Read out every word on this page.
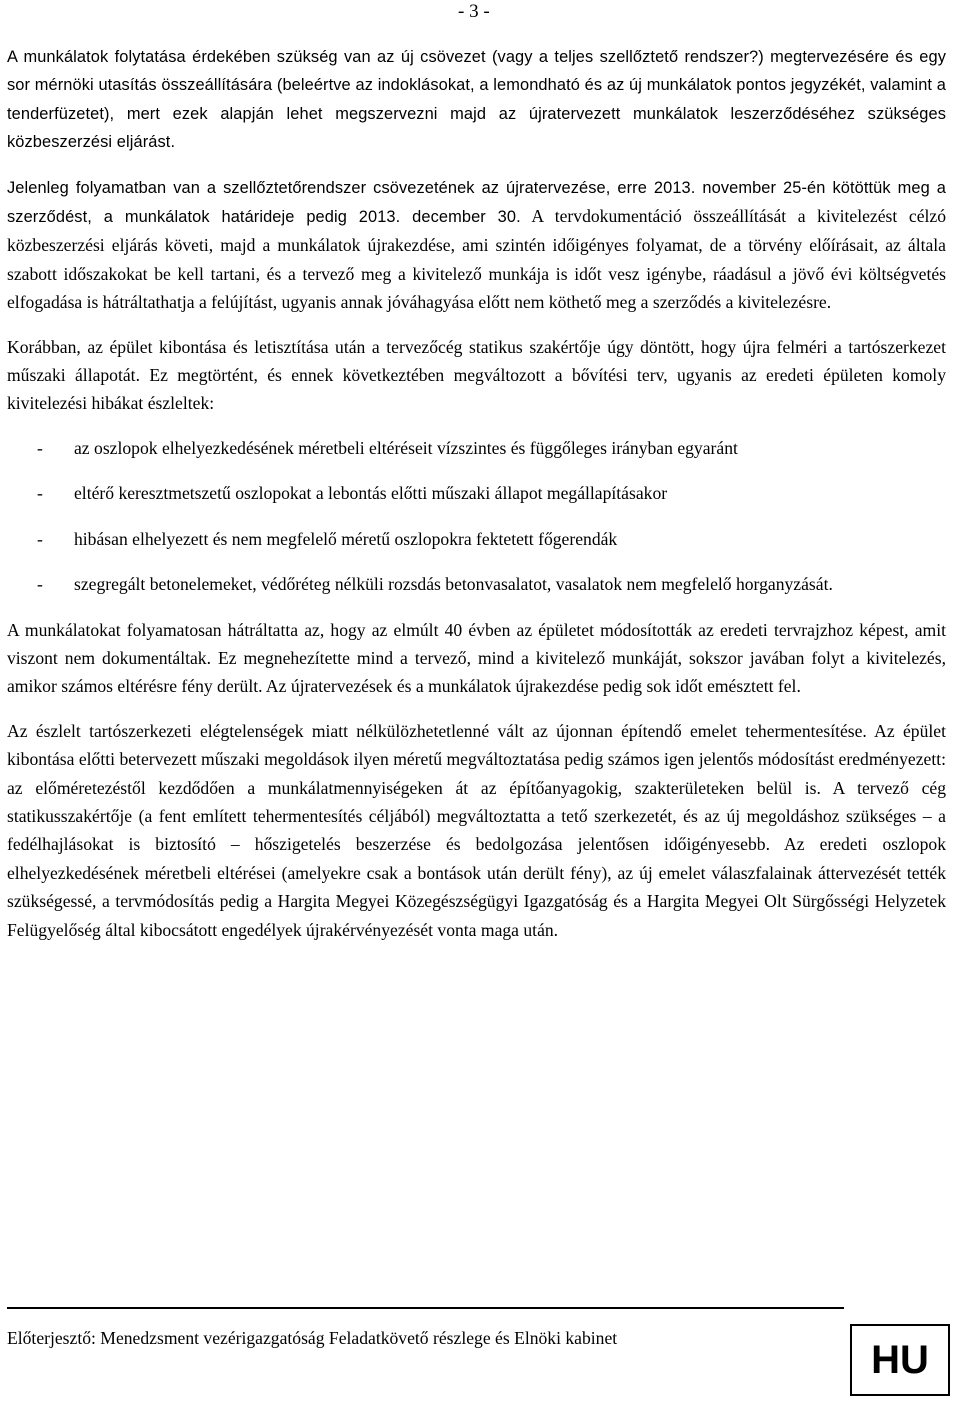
- 3 -

A munkálatok folytatása érdekében szükség van az új csövezet (vagy a teljes szellőztető rendszer?) megtervezésére és egy sor mérnöki utasítás összeállítására (beleértve az indoklásokat, a lemondható és az új munkálatok pontos jegyzékét, valamint a tenderfüzetet), mert ezek alapján lehet megszervezni majd az újratervezett munkálatok leszerződéséhez szükséges közbeszerzési eljárást.

Jelenleg folyamatban van a szellőztetőrendszer csövezetének az újratervezése, erre 2013. november 25-én kötöttük meg a szerződést, a munkálatok határideje pedig 2013. december 30. A tervdokumentáció összeállítását a kivitelezést célzó közbeszerzési eljárás követi, majd a munkálatok újrakezdése, ami szintén időigényes folyamat, de a törvény előírásait, az általa szabott időszakokat be kell tartani, és a tervező meg a kivitelező munkája is időt vesz igénybe, ráadásul a jövő évi költségvetés elfogadása is hátráltathatja a felújítást, ugyanis annak jóváhagyása előtt nem köthető meg a szerződés a kivitelezésre.

Korábban, az épület kibontása és letisztítása után a tervezőcég statikus szakértője úgy döntött, hogy újra felméri a tartószerkezet műszaki állapotát. Ez megtörtént, és ennek következtében megváltozott a bővítési terv, ugyanis az eredeti épületen komoly kivitelezési hibákat észleltek:

- az oszlopok elhelyezkedésének méretbeli eltéréseit vízszintes és függőleges irányban egyaránt
- eltérő keresztmetszetű oszlopokat a lebontás előtti műszaki állapot megállapításakor
- hibásan elhelyezett és nem megfelelő méretű oszlopokra fektetett főgerendák
- szegregált betonelemeket, védőréteg nélküli rozsdás betonvasalatot, vasalatok nem megfelelő horganyzását.

A munkálatokat folyamatosan hátráltatta az, hogy az elmúlt 40 évben az épületet módosították az eredeti tervrajzhoz képest, amit viszont nem dokumentáltak. Ez megnehezítette mind a tervező, mind a kivitelező munkáját, sokszor javában folyt a kivitelezés, amikor számos eltérésre fény derült. Az újratervezések és a munkálatok újrakezdése pedig sok időt emésztett fel.

Az észlelt tartószerkezeti elégtelenségek miatt nélkülözhetetlenné vált az újonnan építendő emelet tehermentesítése. Az épület kibontása előtti betervezett műszaki megoldások ilyen méretű megváltoztatása pedig számos igen jelentős módosítást eredményezett: az előméretezéstől kezdődően a munkálatmennyiségeken át az építőanyagokig, szakterületeken belül is. A tervező cég statikusszakértője (a fent említett tehermentesítés céljából) megváltoztatta a tető szerkezetét, és az új megoldáshoz szükséges – a fedélhajlásokat is biztosító – hőszigetelés beszerzése és bedolgozása jelentősen időigényesebb. Az eredeti oszlopok elhelyezkedésének méretbeli eltérései (amelyekre csak a bontások után derült fény), az új emelet válaszfalainak áttervezését tették szükségessé, a tervmódosítás pedig a Hargita Megyei Közegészségügyi Igazgatóság és a Hargita Megyei Olt Sürgősségi Helyzetek Felügyelőség által kibocsátott engedélyek újrakérvényezését vonta maga után.

Előterjesztő: Menedzsment vezérigazgatóság Feladatkövető részlege és Elnöki kabinet	HU
